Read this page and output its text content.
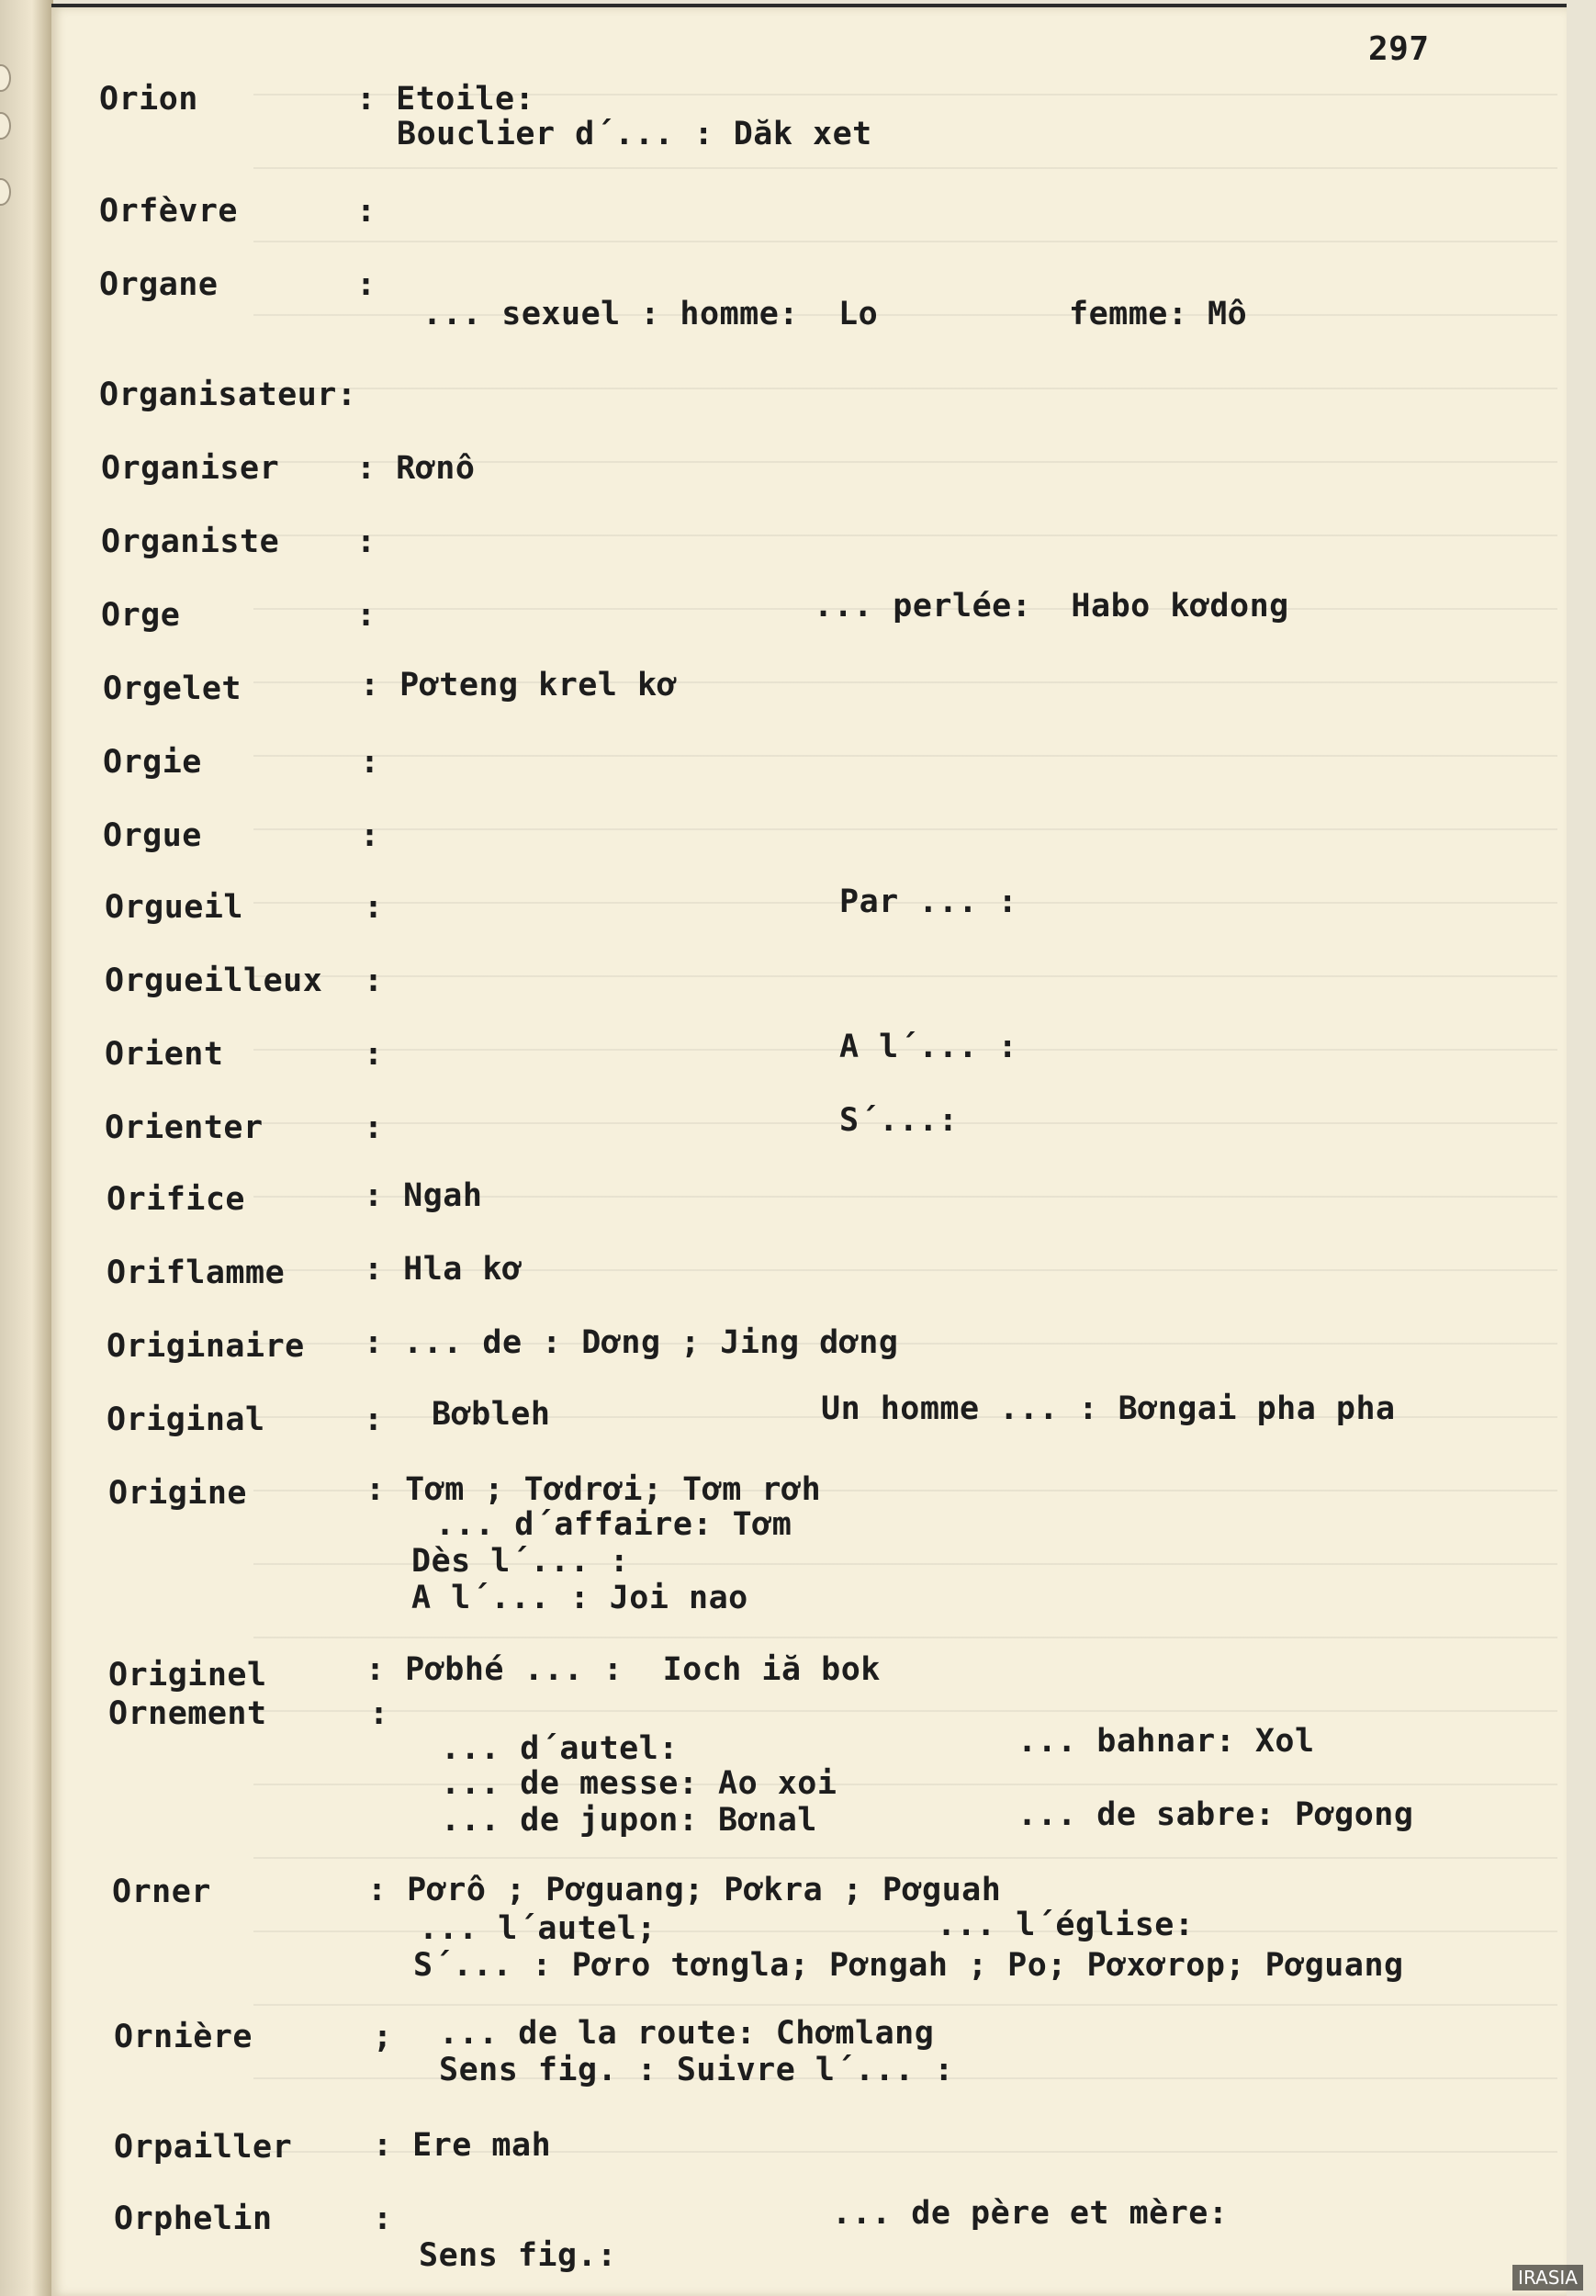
297
Orion	: Etoile:
Bouclier d´... : Dăk xet
Orfèvre	:
Organe	:
... sexuel : homme:  Lo	femme: Mô
Organisateur:
Organiser : Rơnô
Organiste :
Orge	:	... perlée:  Habo kơdong
Orgelet	: Pơteng krel kơ
Orgie	:
Orgue	:
Orgueil	:	Par ... :
Orgueilleux :
Orient	:	A l´... :
Orienter	:	S´...:
Orifice	: Ngah
Oriflamme : Hla kơ
Originaire : ... de : Dơng ; Jing dơng
Original	: Bơbleh	Un homme ... : Bơngai pha pha
Origine	: Tơm ; Tơdrơi; Tơm rơh
... d´affaire: Tơm
Dès l´... :
A l´... : Joi nao
Originel	: Pơbhé ... :  Ioch iă bok
Ornement	:
... d´autel:	... bahnar: Xol
... de messe: Ao xoi
... de jupon: Bơnal	... de sabre: Pơgong
Orner	: Pơrô ; Pơguang; Pơkra ; Pơguah
... l´autel;	... l´église:
S´... : Pơro tơngla; Pơngah ; Po; Pơxơrop; Pơguang
Ornière	; ... de la route: Chơmlang
Sens fig. : Suivre l´... :
Orpailler	: Ere mah
Orphelin	:	... de père et mère:
Sens fig.:
IRASIA
